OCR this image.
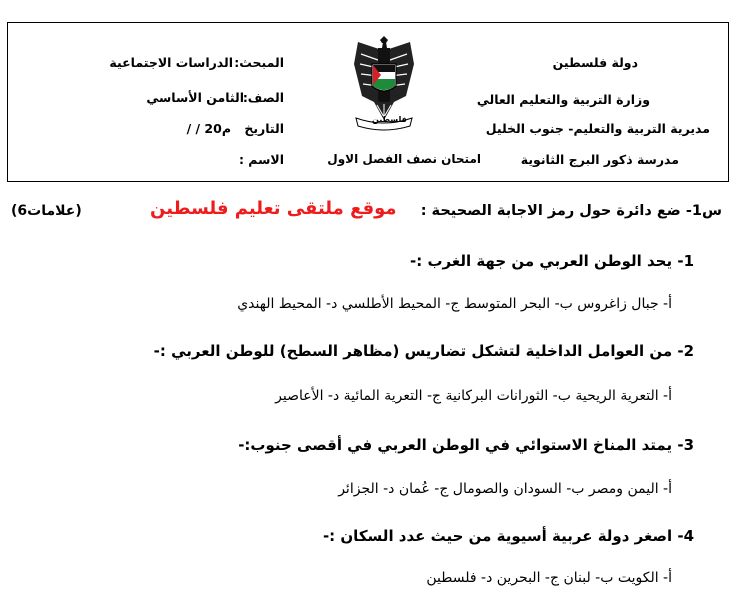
دولة فلسطين
وزارة التربية والتعليم العالي
مديرية التربية والتعليم- جنوب الخليل
مدرسة ذكور البرج الثانوية
فلسطين
امتحان نصف الفصل الاول
المبحث:
الدراسات الاجتماعية
الصف:
الثامن الأساسي
التاريخ
/ / 20م
الاسم :
س1- ضع دائرة حول رمز الاجابة الصحيحة :
موقع ملتقى تعليم فلسطين
(6علامات)
1- يحد الوطن العربي من جهة الغرب :-
أ- جبال زاغروس ب- البحر المتوسط ج- المحيط الأطلسي د- المحيط الهندي
2- من العوامل الداخلية لتشكل تضاريس (مظاهر السطح) للوطن العربي :-
أ- التعرية الريحية ب- الثورانات البركانية ج- التعرية المائية د- الأعاصير
3- يمتد المناخ الاستوائي في الوطن العربي في أقصى جنوب:-
أ- اليمن ومصر ب- السودان والصومال ج- عُمان د- الجزائر
4- اصغر دولة عربية أسيوية من حيث عدد السكان :-
أ- الكويت ب- لبنان ج- البحرين د- فلسطين
